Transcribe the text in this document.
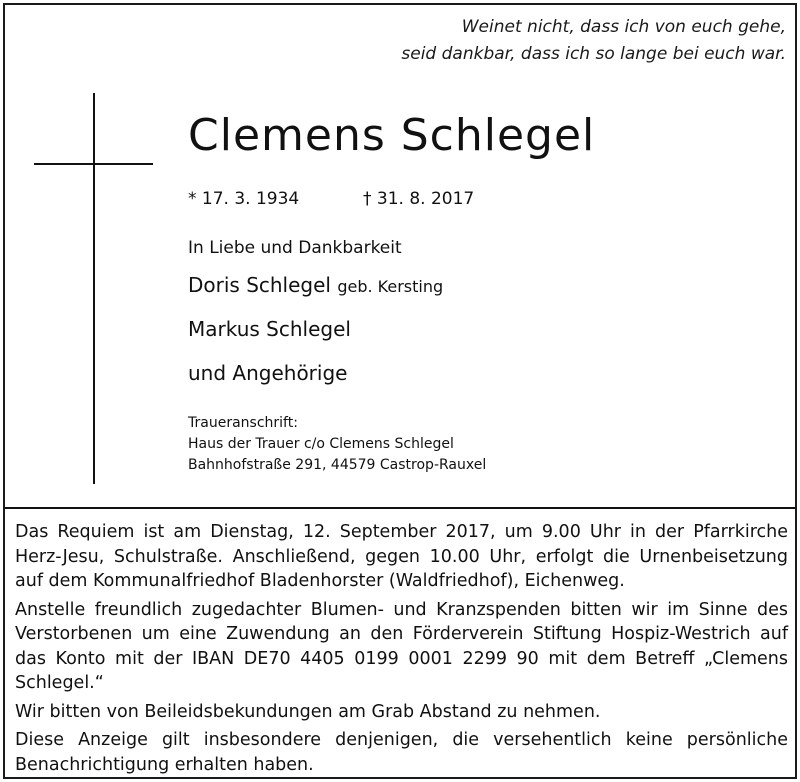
Weinet nicht, dass ich von euch gehe,
seid dankbar, dass ich so lange bei euch war.
Clemens Schlegel
* 17. 3. 1934	† 31. 8. 2017
In Liebe und Dankbarkeit
Doris Schlegel geb. Kersting
Markus Schlegel
und Angehörige
Traueranschrift:
Haus der Trauer c/o Clemens Schlegel
Bahnhofstraße 291, 44579 Castrop-Rauxel

Das Requiem ist am Dienstag, 12. September 2017, um 9.00 Uhr in der Pfarrkirche Herz-Jesu, Schulstraße. Anschließend, gegen 10.00 Uhr, erfolgt die Urnenbeisetzung auf dem Kommunalfriedhof Bladenhorster (Waldfriedhof), Eichenweg.

Anstelle freundlich zugedachter Blumen- und Kranzspenden bitten wir im Sinne des Verstorbenen um eine Zuwendung an den Förderverein Stiftung Hospiz-Westrich auf das Konto mit der IBAN DE70 4405 0199 0001 2299 90 mit dem Betreff „Clemens Schlegel.“

Wir bitten von Beileidsbekundungen am Grab Abstand zu nehmen.

Diese Anzeige gilt insbesondere denjenigen, die versehentlich keine persönliche Benachrichtigung erhalten haben.
